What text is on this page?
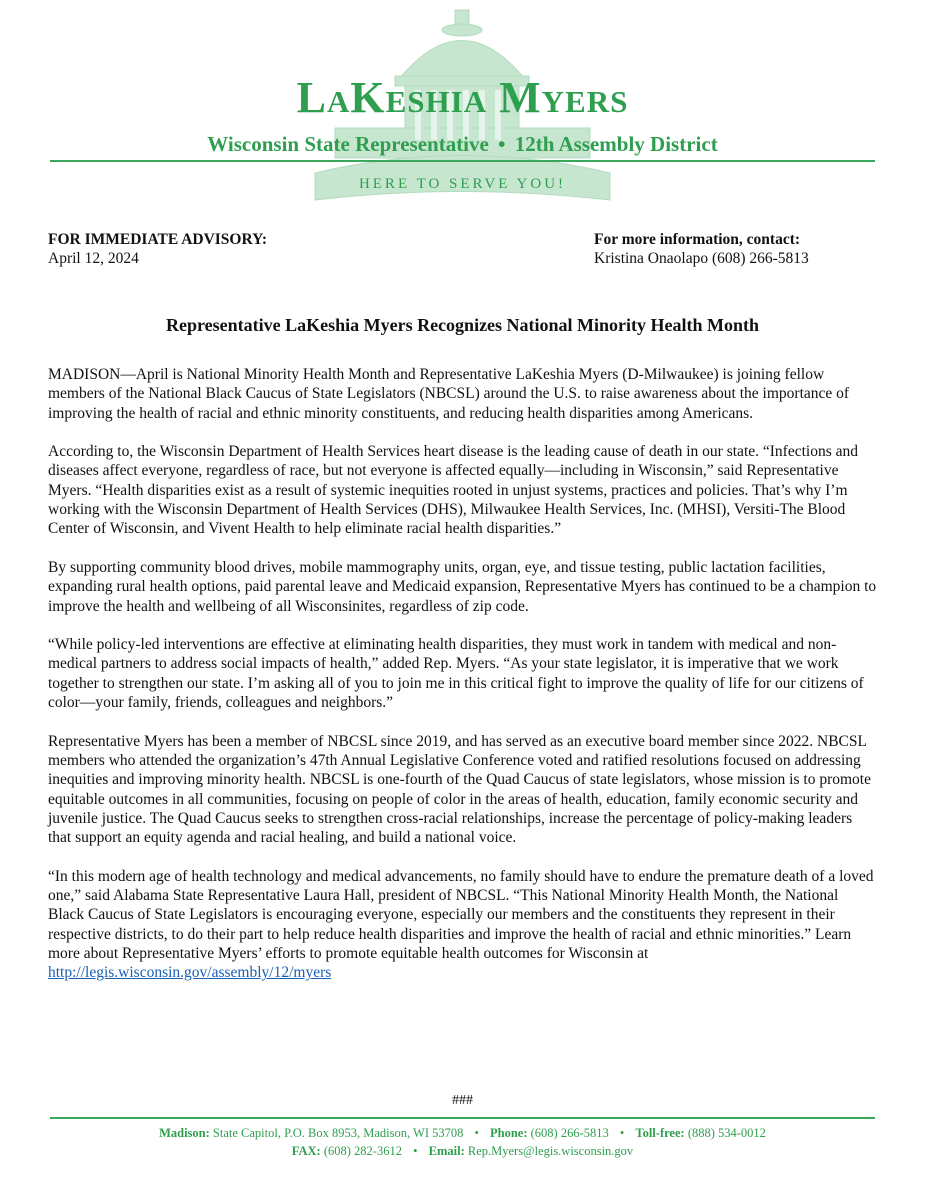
LaKeshia Myers
Wisconsin State Representative • 12th Assembly District
HERE TO SERVE YOU!
FOR IMMEDIATE ADVISORY:
April 12, 2024
For more information, contact:
Kristina Onaolapo (608) 266-5813
Representative LaKeshia Myers Recognizes National Minority Health Month

MADISON—April is National Minority Health Month and Representative LaKeshia Myers (D-Milwaukee) is joining fellow members of the National Black Caucus of State Legislators (NBCSL) around the U.S. to raise awareness about the importance of improving the health of racial and ethnic minority constituents, and reducing health disparities among Americans.

According to, the Wisconsin Department of Health Services heart disease is the leading cause of death in our state. “Infections and diseases affect everyone, regardless of race, but not everyone is affected equally—including in Wisconsin,” said Representative Myers. “Health disparities exist as a result of systemic inequities rooted in unjust systems, practices and policies. That’s why I’m working with the Wisconsin Department of Health Services (DHS), Milwaukee Health Services, Inc. (MHSI), Versiti-The Blood Center of Wisconsin, and Vivent Health to help eliminate racial health disparities.”

By supporting community blood drives, mobile mammography units, organ, eye, and tissue testing, public lactation facilities, expanding rural health options, paid parental leave and Medicaid expansion, Representative Myers has continued to be a champion to improve the health and wellbeing of all Wisconsinites, regardless of zip code.

“While policy-led interventions are effective at eliminating health disparities, they must work in tandem with medical and non-medical partners to address social impacts of health,” added Rep. Myers. “As your state legislator, it is imperative that we work together to strengthen our state. I’m asking all of you to join me in this critical fight to improve the quality of life for our citizens of color—your family, friends, colleagues and neighbors.”

Representative Myers has been a member of NBCSL since 2019, and has served as an executive board member since 2022. NBCSL members who attended the organization’s 47th Annual Legislative Conference voted and ratified resolutions focused on addressing inequities and improving minority health. NBCSL is one-fourth of the Quad Caucus of state legislators, whose mission is to promote equitable outcomes in all communities, focusing on people of color in the areas of health, education, family economic security and juvenile justice. The Quad Caucus seeks to strengthen cross-racial relationships, increase the percentage of policy-making leaders that support an equity agenda and racial healing, and build a national voice.

“In this modern age of health technology and medical advancements, no family should have to endure the premature death of a loved one,” said Alabama State Representative Laura Hall, president of NBCSL. “This National Minority Health Month, the National Black Caucus of State Legislators is encouraging everyone, especially our members and the constituents they represent in their respective districts, to do their part to help reduce health disparities and improve the health of racial and ethnic minorities.” Learn more about Representative Myers’ efforts to promote equitable health outcomes for Wisconsin at http://legis.wisconsin.gov/assembly/12/myers

###
Madison: State Capitol, P.O. Box 8953, Madison, WI 53708 • Phone: (608) 266-5813 • Toll-free: (888) 534-0012
FAX: (608) 282-3612 • Email: Rep.Myers@legis.wisconsin.gov
